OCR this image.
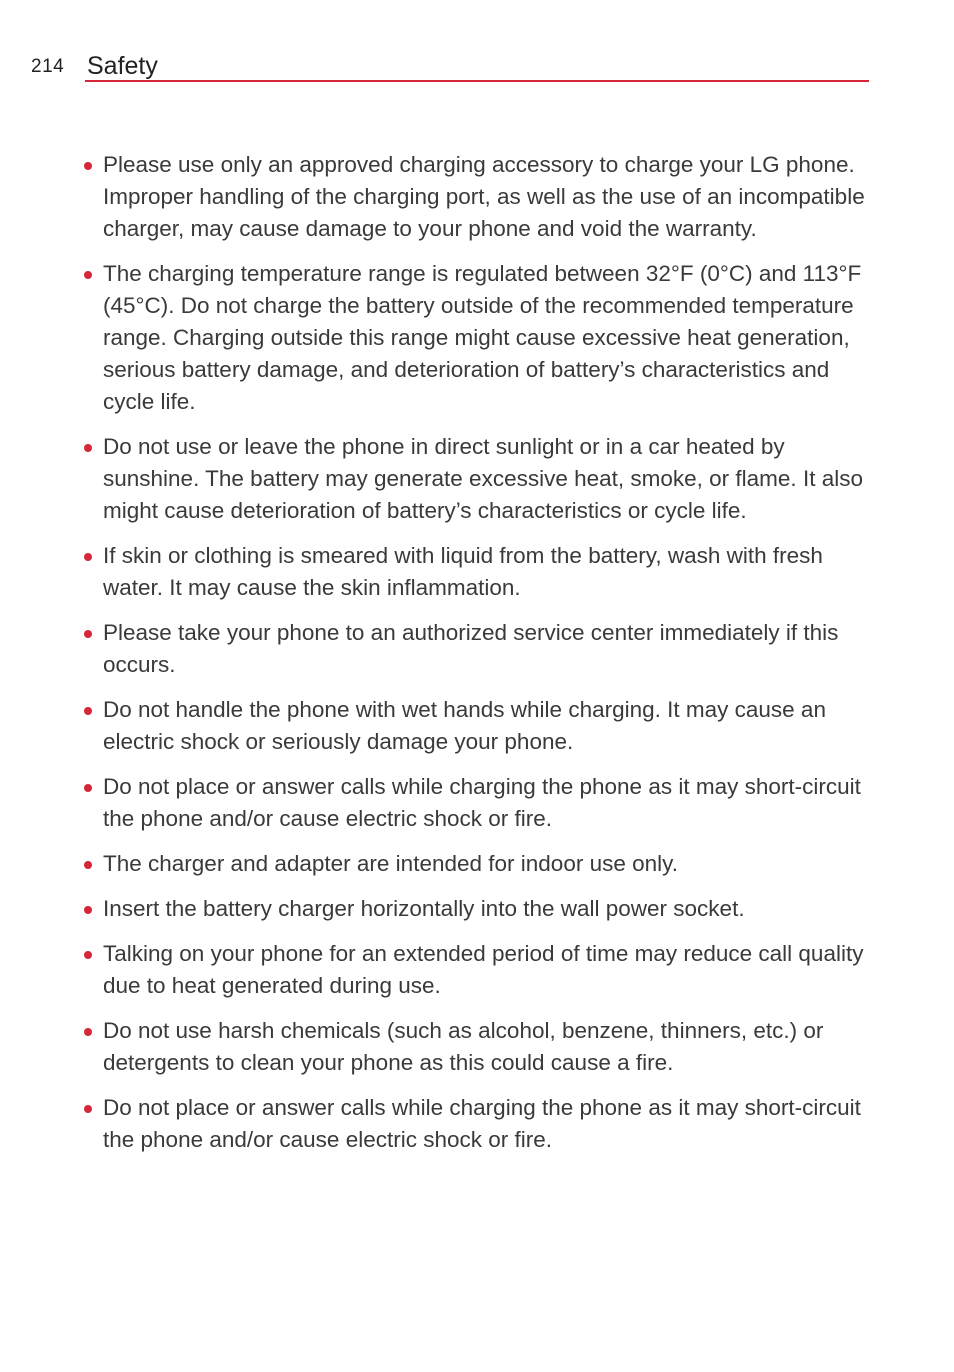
214 Safety
Please use only an approved charging accessory to charge your LG phone. Improper handling of the charging port, as well as the use of an incompatible charger, may cause damage to your phone and void the warranty.
The charging temperature range is regulated between 32°F (0°C) and 113°F (45°C). Do not charge the battery outside of the recommended temperature range. Charging outside this range might cause excessive heat generation, serious battery damage, and deterioration of battery’s characteristics and cycle life.
Do not use or leave the phone in direct sunlight or in a car heated by sunshine. The battery may generate excessive heat, smoke, or flame. It also might cause deterioration of battery’s characteristics or cycle life.
If skin or clothing is smeared with liquid from the battery, wash with fresh water. It may cause the skin inflammation.
Please take your phone to an authorized service center immediately if this occurs.
Do not handle the phone with wet hands while charging. It may cause an electric shock or seriously damage your phone.
Do not place or answer calls while charging the phone as it may short-circuit the phone and/or cause electric shock or fire.
The charger and adapter are intended for indoor use only.
Insert the battery charger horizontally into the wall power socket.
Talking on your phone for an extended period of time may reduce call quality due to heat generated during use.
Do not use harsh chemicals (such as alcohol, benzene, thinners, etc.) or detergents to clean your phone as this could cause a fire.
Do not place or answer calls while charging the phone as it may short-circuit the phone and/or cause electric shock or fire.
